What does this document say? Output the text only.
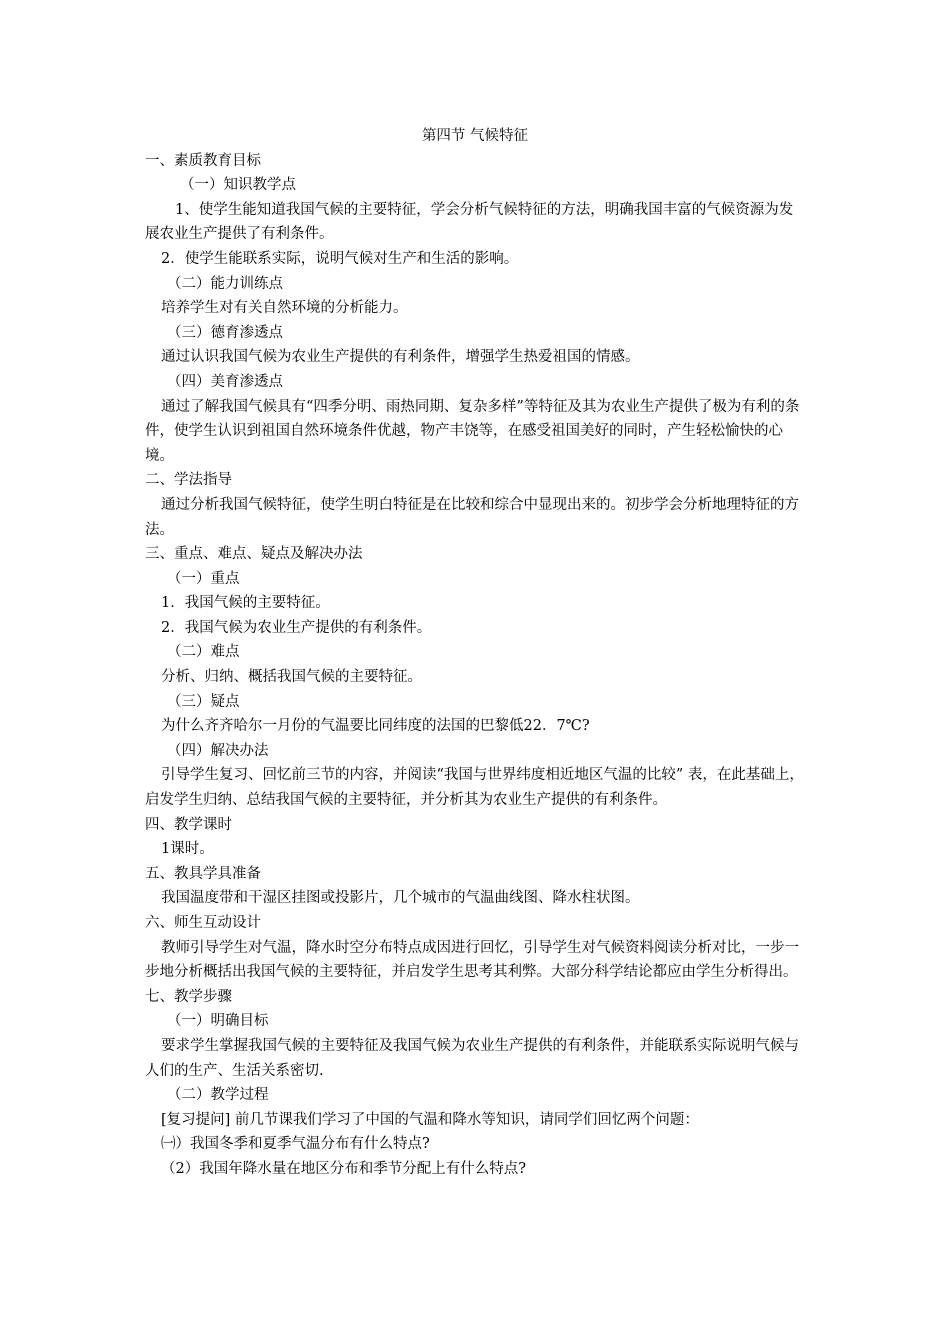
第四节 气候特征
一、素质教育目标
（一）知识教学点
1、使学生能知道我国气候的主要特征，学会分析气候特征的方法，明确我国丰富的气候资源为发展农业生产提供了有利条件。
2．使学生能联系实际，说明气候对生产和生活的影响。
（二）能力训练点
培养学生对有关自然环境的分析能力。
（三）德育渗透点
通过认识我国气候为农业生产提供的有利条件，增强学生热爱祖国的情感。
（四）美育渗透点
通过了解我国气候具有“四季分明、雨热同期、复杂多样”等特征及其为农业生产提供了极为有利的条件，使学生认识到祖国自然环境条件优越，物产丰饶等，在感受祖国美好的同时，产生轻松愉快的心境。
二、学法指导
通过分析我国气候特征，使学生明白特征是在比较和综合中显现出来的。初步学会分析地理特征的方法。
三、重点、难点、疑点及解决办法
（一）重点
1．我国气候的主要特征。
2．我国气候为农业生产提供的有利条件。
（二）难点
分析、归纳、概括我国气候的主要特征。
（三）疑点
为什么齐齐哈尔一月份的气温要比同纬度的法国的巴黎低22．7℃?
（四）解决办法
引导学生复习、回忆前三节的内容，并阅读“我国与世界纬度相近地区气温的比较” 表，在此基础上，启发学生归纳、总结我国气候的主要特征，并分析其为农业生产提供的有利条件。
四、教学课时
1课时。
五、教具学具准备
我国温度带和干湿区挂图或投影片，几个城市的气温曲线图、降水柱状图。
六、师生互动设计
教师引导学生对气温，降水时空分布特点成因进行回忆，引导学生对气候资料阅读分析对比，一步一步地分析概括出我国气候的主要特征，并启发学生思考其利弊。大部分科学结论都应由学生分析得出。
七、教学步骤
（一）明确目标
要求学生掌握我国气候的主要特征及我国气候为农业生产提供的有利条件，并能联系实际说明气候与人们的生产、生活关系密切.
（二）教学过程
[复习提问] 前几节课我们学习了中国的气温和降水等知识，请同学们回忆两个问题：
㈠）我国冬季和夏季气温分布有什么特点?
（2）我国年降水量在地区分布和季节分配上有什么特点?
